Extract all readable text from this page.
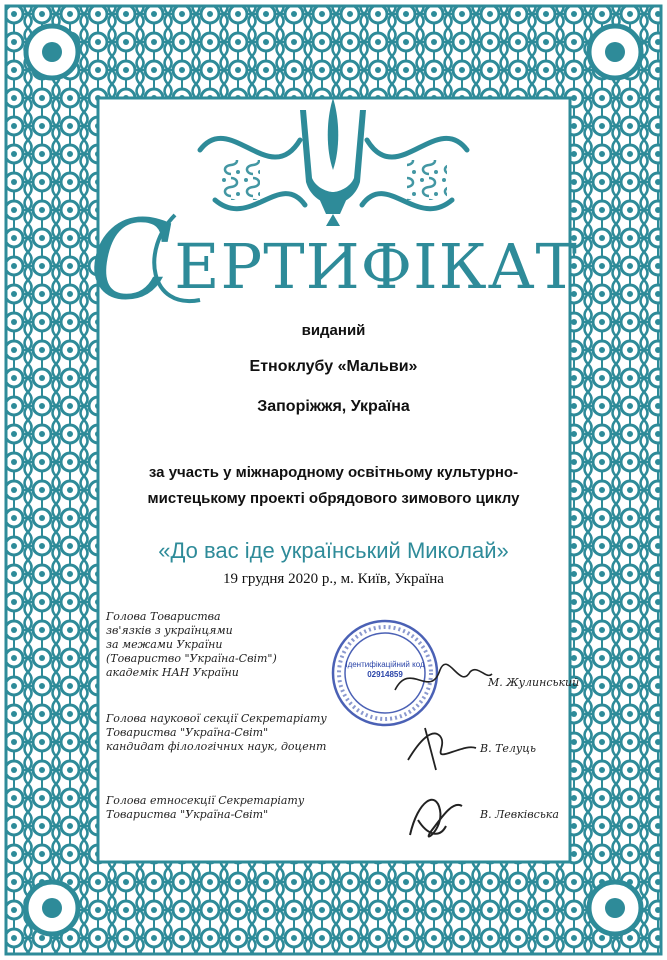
СЕРТИФІКАТ
виданий
Етноклубу «Мальви»
Запоріжжя, Україна
за участь у міжнародному освітньому культурно-
мистецькому проекті обрядового зимового циклу
«До вас іде український Миколай»
19 грудня 2020 р., м. Київ, Україна
Голова Товариства
зв'язків з українцями
за межами України
(Товариство "Україна-Світ")
академік НАН України
М. Жулинський
Голова наукової секції Секретаріату
Товариства "Україна-Світ"
кандидат філологічних наук, доцент	В. Телуць
Голова етносекції Секретаріату
Товариства "Україна-Світ"	В. Левківська
Ідентифікаційний код
02914859
